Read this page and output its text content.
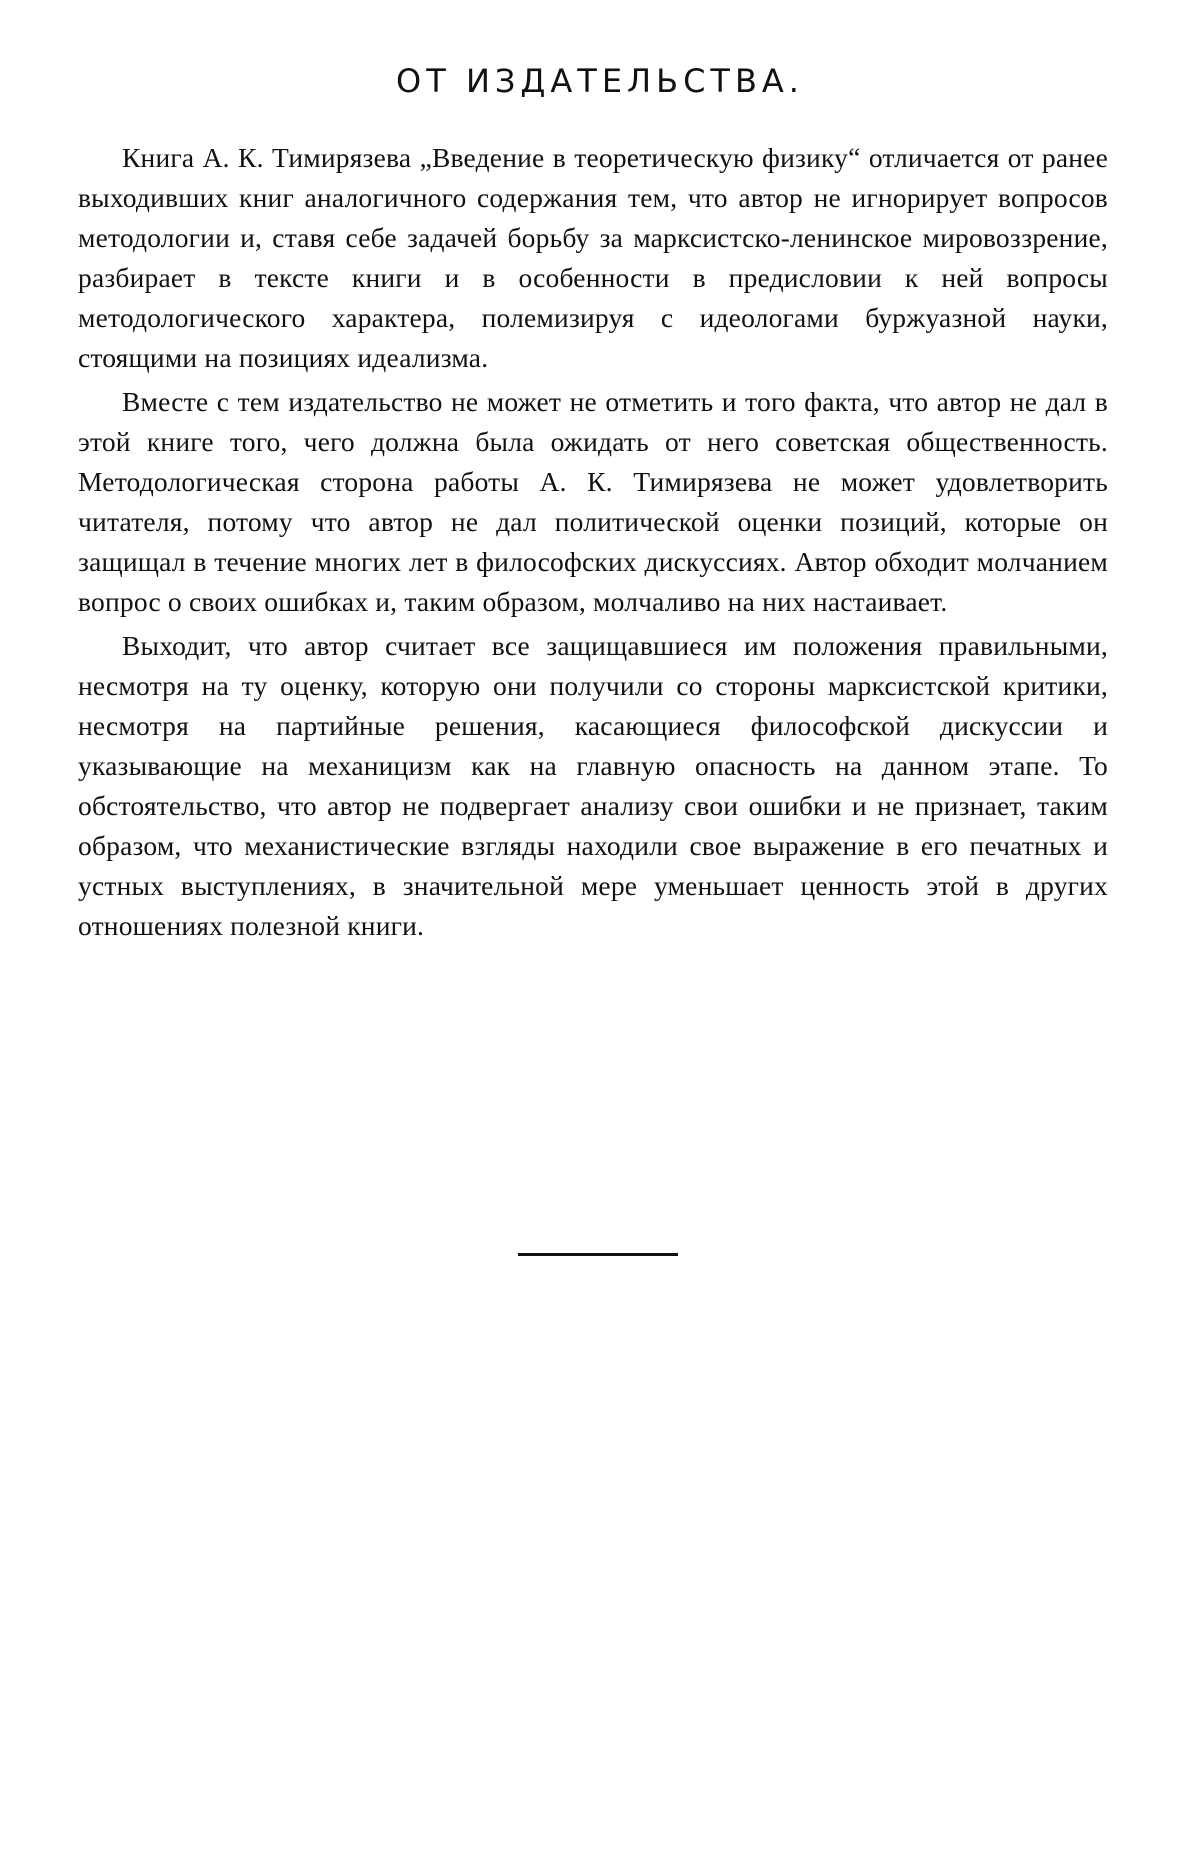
ОТ ИЗДАТЕЛЬСТВА.

Книга А. К. Тимирязева „Введение в теоретическую физику“ отличается от ранее выходивших книг аналогичного содержания тем, что автор не игнорирует вопросов методологии и, ставя себе задачей борьбу за марксистско-ленинское мировоззрение, разбирает в тексте книги и в особенности в предисловии к ней вопросы методологического характера, полемизируя с идеологами буржуазной науки, стоящими на позициях идеализма.

Вместе с тем издательство не может не отметить и того факта, что автор не дал в этой книге того, чего должна была ожидать от него советская общественность. Методологическая сторона работы А. К. Тимирязева не может удовлетворить читателя, потому что автор не дал политической оценки позиций, которые он защищал в течение многих лет в философских дискуссиях. Автор обходит молчанием вопрос о своих ошибках и, таким образом, молчаливо на них настаивает.

Выходит, что автор считает все защищавшиеся им положения правильными, несмотря на ту оценку, которую они получили со стороны марксистской критики, несмотря на партийные решения, касающиеся философской дискуссии и указывающие на механицизм как на главную опасность на данном этапе. То обстоятельство, что автор не подвергает анализу свои ошибки и не признает, таким образом, что механистические взгляды находили свое выражение в его печатных и устных выступлениях, в значительной мере уменьшает ценность этой в других отношениях полезной книги.
